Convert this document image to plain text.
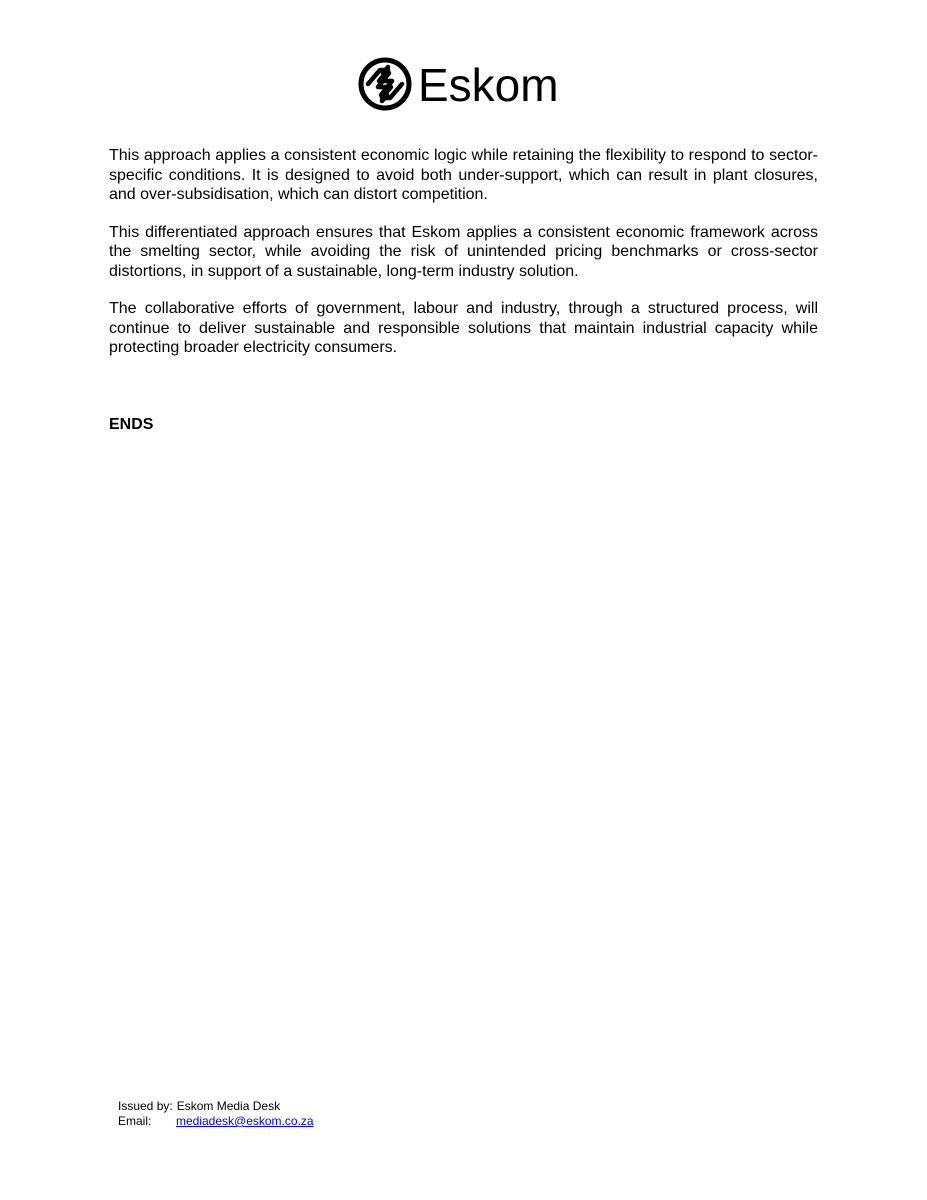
Eskom

This approach applies a consistent economic logic while retaining the flexibility to respond to sector-specific conditions. It is designed to avoid both under-support, which can result in plant closures, and over-subsidisation, which can distort competition.

This differentiated approach ensures that Eskom applies a consistent economic framework across the smelting sector, while avoiding the risk of unintended pricing benchmarks or cross-sector distortions, in support of a sustainable, long-term industry solution.

The collaborative efforts of government, labour and industry, through a structured process, will continue to deliver sustainable and responsible solutions that maintain industrial capacity while protecting broader electricity consumers.

ENDS

Issued by: Eskom Media Desk
Email:	mediadesk@eskom.co.za
